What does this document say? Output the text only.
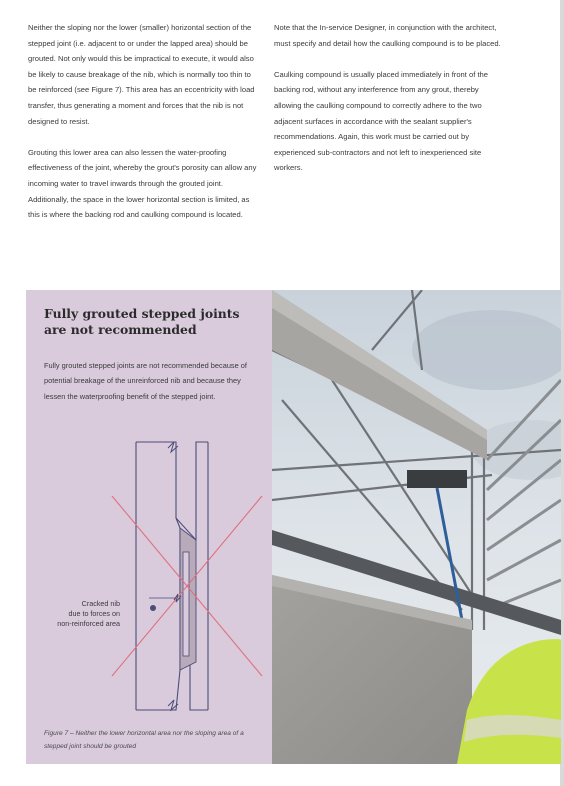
Neither the sloping nor the lower (smaller) horizontal section of the stepped joint (i.e. adjacent to or under the lapped area) should be grouted. Not only would this be impractical to execute, it would also be likely to cause breakage of the nib, which is normally too thin to be reinforced (see Figure 7). This area has an eccentricity with load transfer, thus generating a moment and forces that the nib is not designed to resist.

Grouting this lower area can also lessen the water-proofing effectiveness of the joint, whereby the grout's porosity can allow any incoming water to travel inwards through the grouted joint. Additionally, the space in the lower horizontal section is limited, as this is where the backing rod and caulking compound is located.

Note that the In-service Designer, in conjunction with the architect, must specify and detail how the caulking compound is to be placed.

Caulking compound is usually placed immediately in front of the backing rod, without any interference from any grout, thereby allowing the caulking compound to correctly adhere to the two adjacent surfaces in accordance with the sealant supplier's recommendations. Again, this work must be carried out by experienced sub-contractors and not left to inexperienced site workers.

Fully grouted stepped joints are not recommended

Fully grouted stepped joints are not recommended because of potential breakage of the unreinforced nib and because they lessen the waterproofing benefit of the stepped joint.

Cracked nib
due to forces on
non-reinforced area

Figure 7 – Neither the lower horizontal area nor the sloping area of a stepped joint should be grouted
